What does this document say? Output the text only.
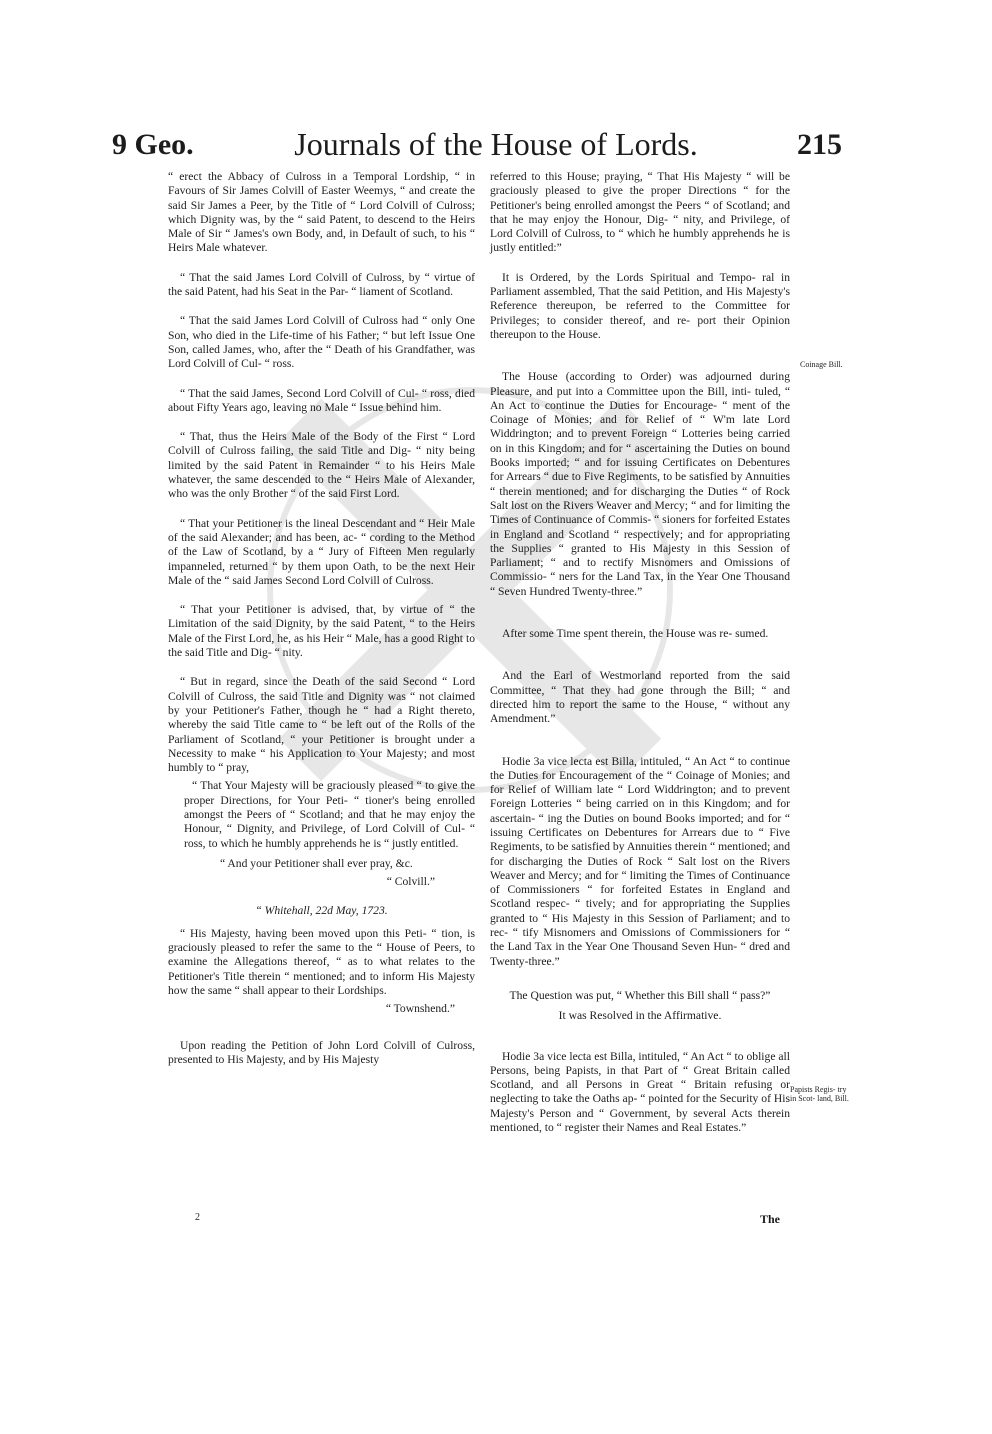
9 Geo.	Journals of the House of Lords.	215

“ erect the Abbacy of Culross in a Temporal Lordship, “ in Favours of Sir James Colvill of Easter Weemys, “ and create the said Sir James a Peer, by the Title of “ Lord Colvill of Culross; which Dignity was, by the “ said Patent, to descend to the Heirs Male of Sir “ James's own Body, and, in Default of such, to his “ Heirs Male whatever.

“ That the said James Lord Colvill of Culross, by “ virtue of the said Patent, had his Seat in the Par- “ liament of Scotland.

“ That the said James Lord Colvill of Culross had “ only One Son, who died in the Life-time of his Father; “ but left Issue One Son, called James, who, after the “ Death of his Grandfather, was Lord Colvill of Cul- “ ross.

“ That the said James, Second Lord Colvill of Cul- “ ross, died about Fifty Years ago, leaving no Male “ Issue behind him.

“ That, thus the Heirs Male of the Body of the First “ Lord Colvill of Culross failing, the said Title and Dig- “ nity being limited by the said Patent in Remainder “ to his Heirs Male whatever, the same descended to the “ Heirs Male of Alexander, who was the only Brother “ of the said First Lord.

“ That your Petitioner is the lineal Descendant and “ Heir Male of the said Alexander; and has been, ac- “ cording to the Method of the Law of Scotland, by a “ Jury of Fifteen Men regularly impanneled, returned “ by them upon Oath, to be the next Heir Male of the “ said James Second Lord Colvill of Culross.

“ That your Petitioner is advised, that, by virtue of “ the Limitation of the said Dignity, by the said Patent, “ to the Heirs Male of the First Lord, he, as his Heir “ Male, has a good Right to the said Title and Dig- “ nity.

“ But in regard, since the Death of the said Second “ Lord Colvill of Culross, the said Title and Dignity was “ not claimed by your Petitioner's Father, though he “ had a Right thereto, whereby the said Title came to “ be left out of the Rolls of the Parliament of Scotland, “ your Petitioner is brought under a Necessity to make “ his Application to Your Majesty; and most humbly to “ pray,

“ That Your Majesty will be graciously pleased “ to give the proper Directions, for Your Peti- “ tioner's being enrolled amongst the Peers of “ Scotland; and that he may enjoy the Honour, “ Dignity, and Privilege, of Lord Colvill of Cul- “ ross, to which he humbly apprehends he is “ justly entitled.

“ And your Petitioner shall ever pray, &c.

“ Colvill.”

“ Whitehall, 22d May, 1723.

“ His Majesty, having been moved upon this Peti- “ tion, is graciously pleased to refer the same to the “ House of Peers, to examine the Allegations thereof, “ as to what relates to the Petitioner's Title therein “ mentioned; and to inform His Majesty how the same “ shall appear to their Lordships.

“ Townshend.”

Upon reading the Petition of John Lord Colvill of Culross, presented to His Majesty, and by His Majesty

referred to this House; praying, “ That His Majesty “ will be graciously pleased to give the proper Directions “ for the Petitioner's being enrolled amongst the Peers “ of Scotland; and that he may enjoy the Honour, Dig- “ nity, and Privilege, of Lord Colvill of Culross, to “ which he humbly apprehends he is justly entitled:”

It is Ordered, by the Lords Spiritual and Tempo- ral in Parliament assembled, That the said Petition, and His Majesty's Reference thereupon, be referred to the Committee for Privileges; to consider thereof, and re- port their Opinion thereupon to the House.

The House (according to Order) was adjourned during Pleasure, and put into a Committee upon the Bill, inti- tuled, “ An Act to continue the Duties for Encourage- “ ment of the Coinage of Monies; and for Relief of “ W'm late Lord Widdrington; and to prevent Foreign “ Lotteries being carried on in this Kingdom; and for “ ascertaining the Duties on bound Books imported; “ and for issuing Certificates on Debentures for Arrears “ due to Five Regiments, to be satisfied by Annuities “ therein mentioned; and for discharging the Duties “ of Rock Salt lost on the Rivers Weaver and Mercy; “ and for limiting the Times of Continuance of Commis- “ sioners for forfeited Estates in England and Scotland “ respectively; and for appropriating the Supplies “ granted to His Majesty in this Session of Parliament; “ and to rectify Misnomers and Omissions of Commissio- “ ners for the Land Tax, in the Year One Thousand “ Seven Hundred Twenty-three.”

After some Time spent therein, the House was re- sumed.

And the Earl of Westmorland reported from the said Committee, “ That they had gone through the Bill; “ and directed him to report the same to the House, “ without any Amendment.”

Hodie 3a vice lecta est Billa, intituled, “ An Act “ to continue the Duties for Encouragement of the “ Coinage of Monies; and for Relief of William late “ Lord Widdrington; and to prevent Foreign Lotteries “ being carried on in this Kingdom; and for ascertain- “ ing the Duties on bound Books imported; and for “ issuing Certificates on Debentures for Arrears due to “ Five Regiments, to be satisfied by Annuities therein “ mentioned; and for discharging the Duties of Rock “ Salt lost on the Rivers Weaver and Mercy; and for “ limiting the Times of Continuance of Commissioners “ for forfeited Estates in England and Scotland respec- “ tively; and for appropriating the Supplies granted to “ His Majesty in this Session of Parliament; and to rec- “ tify Misnomers and Omissions of Commissioners for “ the Land Tax in the Year One Thousand Seven Hun- “ dred and Twenty-three.”

The Question was put, “ Whether this Bill shall “ pass?”

It was Resolved in the Affirmative.

Hodie 3a vice lecta est Billa, intituled, “ An Act “ to oblige all Persons, being Papists, in that Part of “ Great Britain called Scotland, and all Persons in Great “ Britain refusing or neglecting to take the Oaths ap- “ pointed for the Security of His Majesty's Person and “ Government, by several Acts therein mentioned, to “ register their Names and Real Estates.”

Coinage Bill.
Papists Regis- try in Scot- land, Bill.
2	The
